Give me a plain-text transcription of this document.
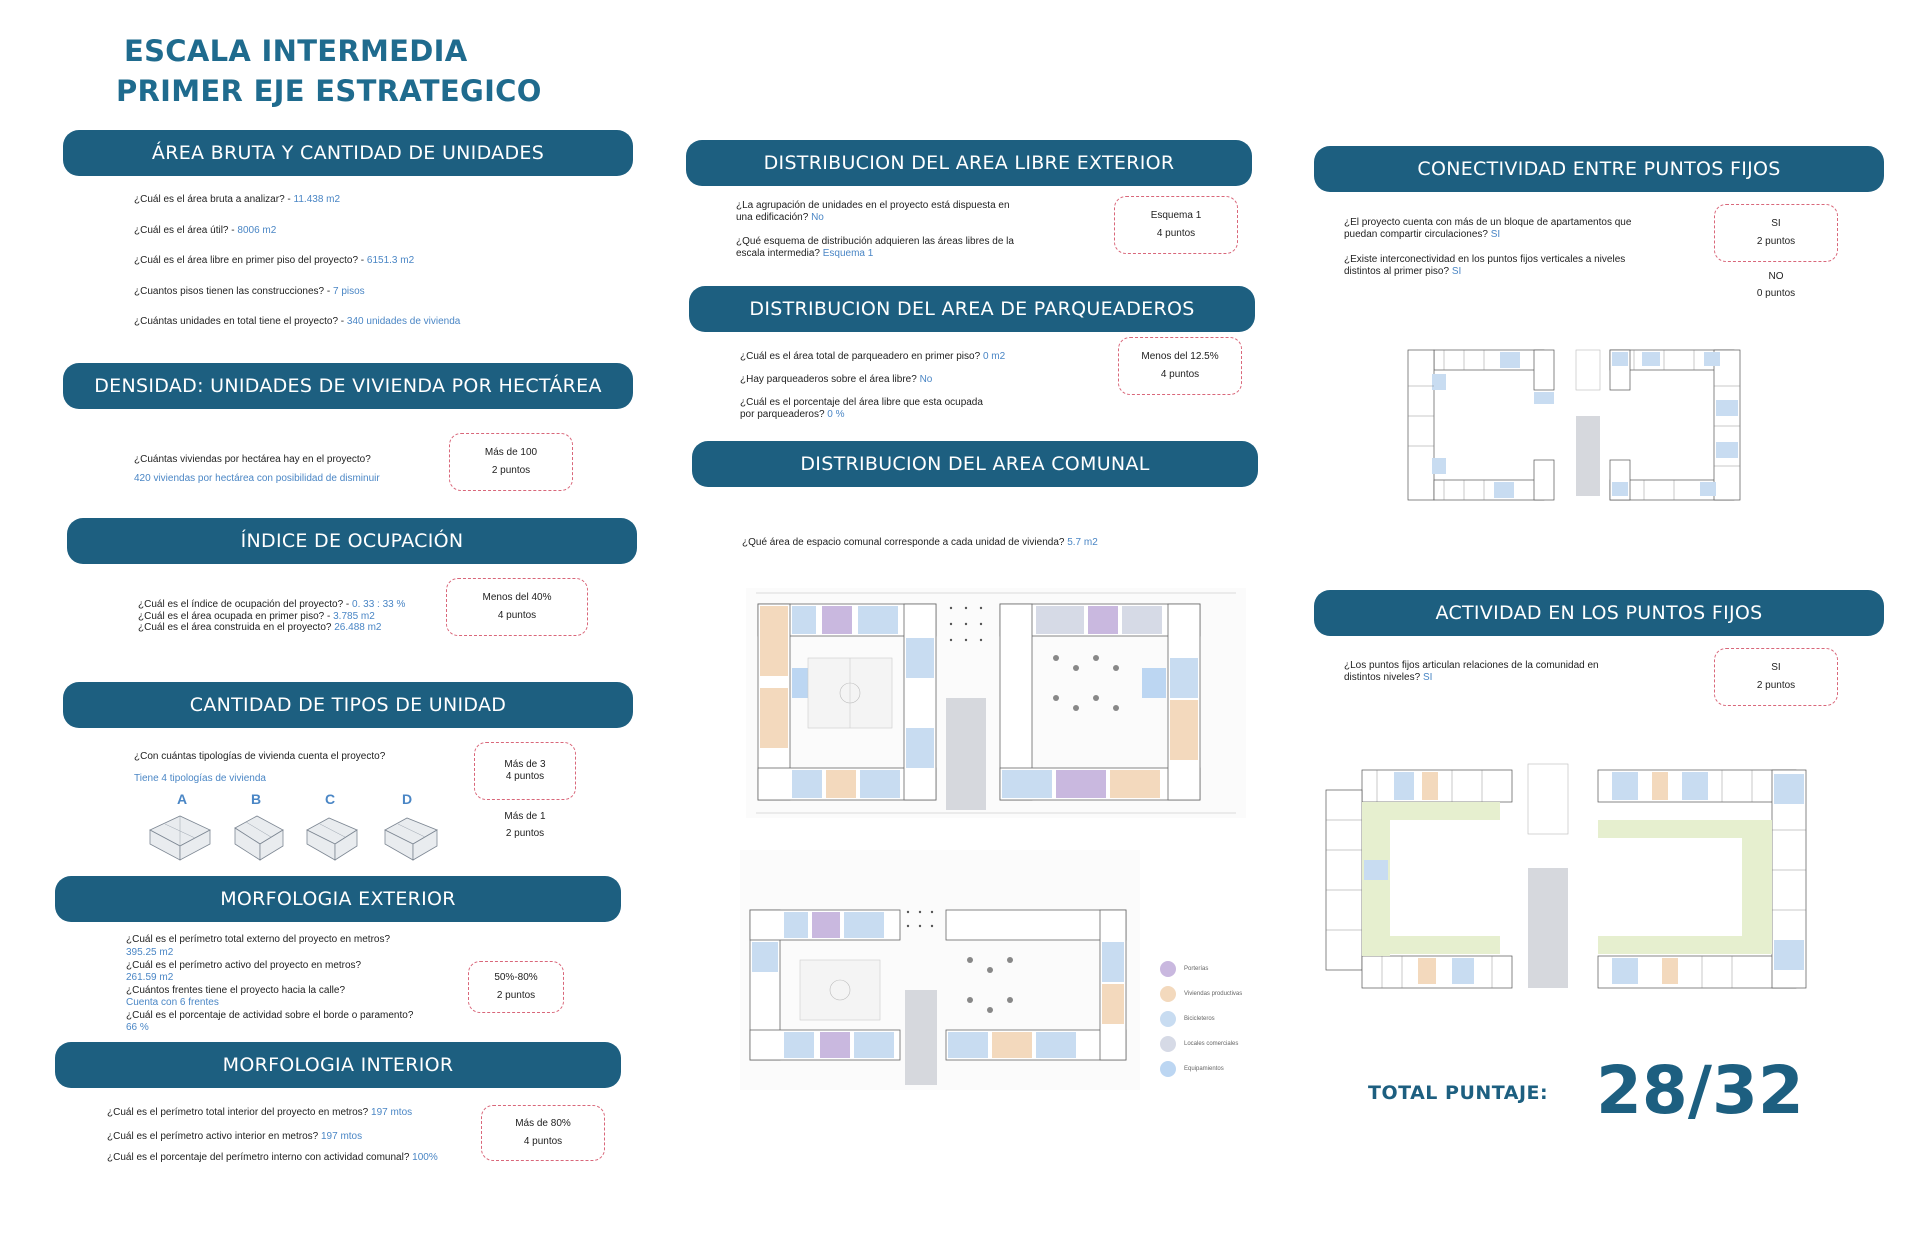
ESCALA INTERMEDIA
PRIMER EJE ESTRATEGICO
ÁREA BRUTA Y CANTIDAD DE UNIDADES
¿Cuál es el área bruta a analizar? - 11.438 m2
¿Cuál es el área útil? - 8006 m2
¿Cuál es el área libre en primer piso del proyecto? - 6151.3 m2
¿Cuantos pisos tienen las construcciones? - 7 pisos
¿Cuántas unidades en total tiene el proyecto? - 340 unidades de vivienda
DENSIDAD: UNIDADES DE VIVIENDA POR HECTÁREA
¿Cuántas viviendas por hectárea hay en el proyecto?
420 viviendas por hectárea con posibilidad de disminuir
Más de 100
2 puntos
ÍNDICE DE OCUPACIÓN
¿Cuál es el índice de ocupación del proyecto? - 0. 33 : 33 %
¿Cuál es el área ocupada en primer piso? - 3.785 m2
¿Cuál es el área construida en el proyecto? 26.488 m2
Menos del 40%
4 puntos
CANTIDAD DE TIPOS DE UNIDAD
¿Con cuántas tipologías de vivienda cuenta el proyecto?
Tiene 4 tipologías de vivienda
A	B	C	D
Más de 3
4 puntos
Más de 1
2 puntos
MORFOLOGIA EXTERIOR
¿Cuál es el perímetro total externo del proyecto en metros?
395.25 m2
¿Cuál es el perímetro activo del proyecto en metros?
261.59 m2
¿Cuántos frentes tiene el proyecto hacia la calle?
Cuenta con 6 frentes
¿Cuál es el porcentaje de actividad sobre el borde o paramento?
66 %
50%-80%
2 puntos
MORFOLOGIA INTERIOR
¿Cuál es el perímetro total interior del proyecto en metros? 197 mtos
¿Cuál es el perímetro activo interior en metros? 197 mtos
¿Cuál es el porcentaje del perímetro interno con actividad comunal? 100%
Más de 80%
4 puntos
DISTRIBUCION DEL AREA LIBRE EXTERIOR
¿La agrupación de unidades en el proyecto está dispuesta en
una edificación? No
¿Qué esquema de distribución adquieren las áreas libres de la
escala intermedia? Esquema 1
Esquema 1
4 puntos
DISTRIBUCION DEL AREA DE PARQUEADEROS
¿Cuál es el área total de parqueadero en primer piso? 0 m2
¿Hay parqueaderos sobre el área libre? No
¿Cuál es el porcentaje del área libre que esta ocupada
por parqueaderos? 0 %
Menos del 12.5%
4 puntos
DISTRIBUCION DEL AREA COMUNAL
¿Qué área de espacio comunal corresponde a cada unidad de vivienda? 5.7 m2
Porterías
Viviendas productivas
Bicicleteros
Locales comerciales
Equipamientos
CONECTIVIDAD ENTRE PUNTOS FIJOS
¿El proyecto cuenta con más de un bloque de apartamentos que
puedan compartir circulaciones? SI
¿Existe interconectividad en los puntos fijos verticales a niveles
distintos al primer piso? SI
SI
2 puntos
NO
0 puntos
ACTIVIDAD EN LOS PUNTOS FIJOS
¿Los puntos fijos articulan relaciones de la comunidad en
distintos niveles? SI
SI
2 puntos
TOTAL PUNTAJE: 28/32
